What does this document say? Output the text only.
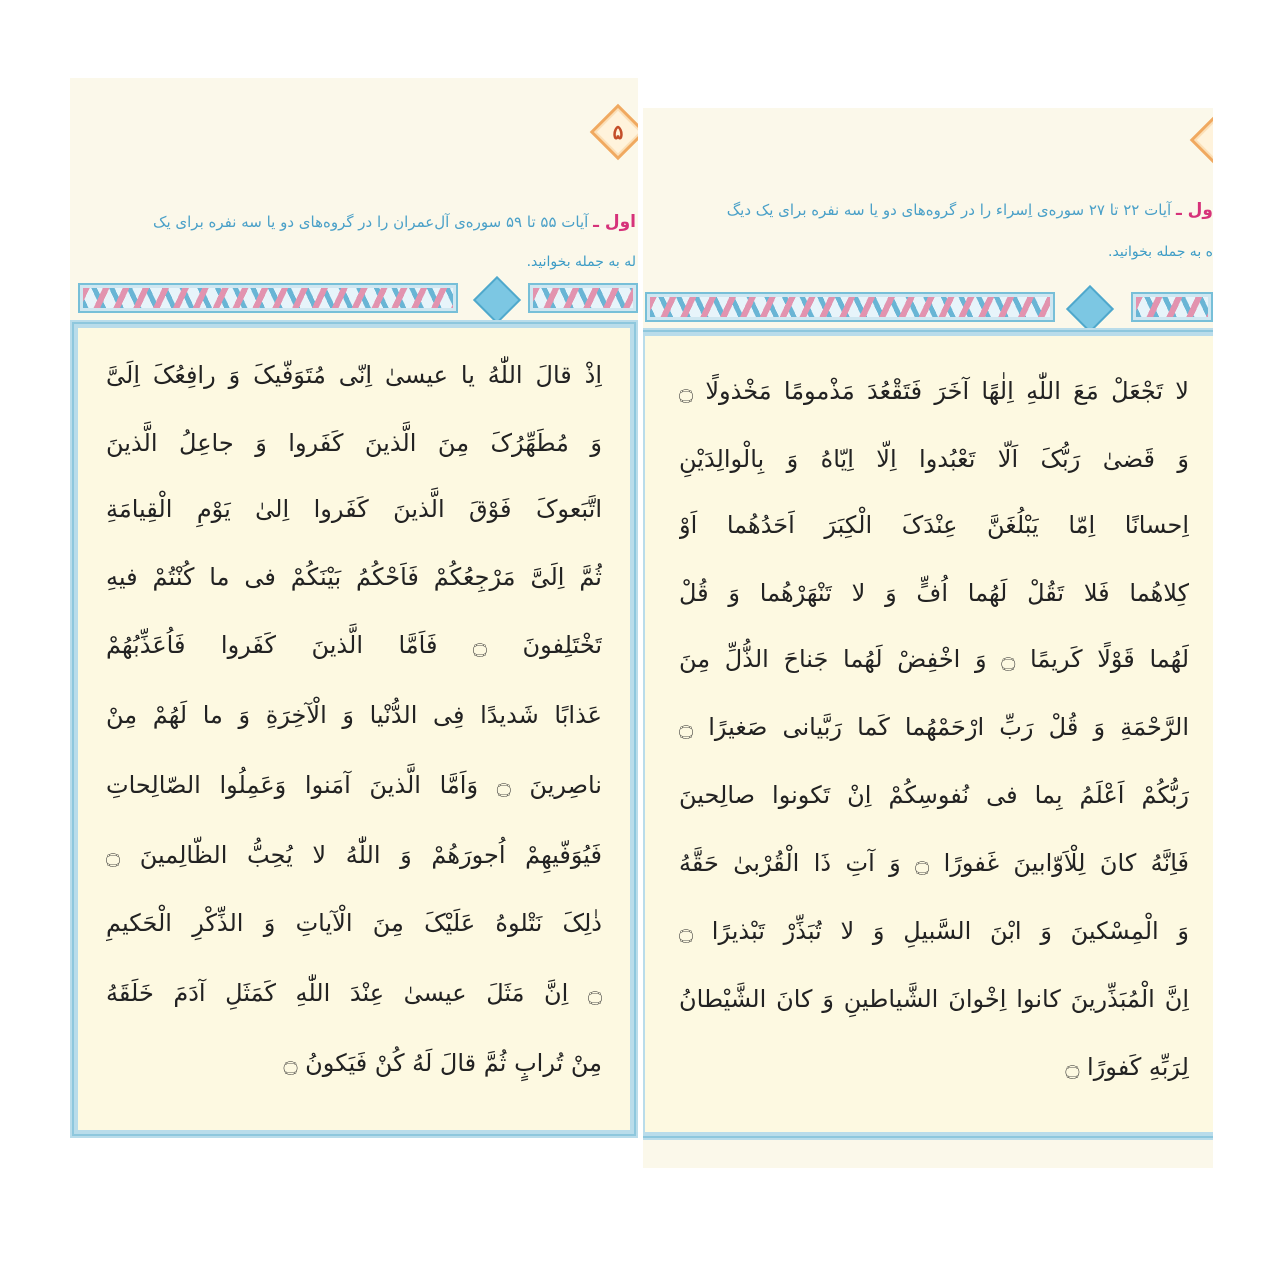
۵
اول ـ آیات ۵۵ تا ۵۹ سوره‌ی آل‌عمران را در گروه‌های دو یا سه نفره برای یک
له به جمله بخوانید.
اِذْ قالَ اللّٰهُ یا عیسیٰ اِنّی مُتَوَفّیکَ وَ رافِعُکَ اِلَیَّ
وَ مُطَهِّرُکَ مِنَ الَّذینَ کَفَروا وَ جاعِلُ الَّذینَ
اتَّبَعوکَ فَوْقَ الَّذینَ کَفَروا اِلیٰ یَوْمِ الْقِیامَةِ
ثُمَّ اِلَیَّ مَرْجِعُکُمْ فَاَحْکُمُ بَیْنَکُمْ فی ما کُنْتُمْ فیهِ
تَخْتَلِفونَ ۝ فَاَمَّا الَّذینَ کَفَروا فَاُعَذِّبُهُمْ
عَذابًا شَدیدًا فِی الدُّنْیا وَ الْآخِرَةِ وَ ما لَهُمْ مِنْ
ناصِرینَ ۝ وَاَمَّا الَّذینَ آمَنوا وَعَمِلُوا الصّالِحاتِ
فَیُوَفّیهِمْ اُجورَهُمْ وَ اللّٰهُ لا یُحِبُّ الظّالِمینَ ۝
ذٰلِکَ نَتْلوهُ عَلَیْکَ مِنَ الْآیاتِ وَ الذِّکْرِ الْحَکیمِ
۝ اِنَّ مَثَلَ عیسیٰ عِنْدَ اللّٰهِ کَمَثَلِ آدَمَ خَلَقَهُ
مِنْ تُرابٍ ثُمَّ قالَ لَهُ کُنْ فَیَکونُ ۝
ول ـ آیات ۲۲ تا ۲۷ سوره‌ی اِسراء را در گروه‌های دو یا سه نفره برای یک دیگ
ه به جمله بخوانید.
لا تَجْعَلْ مَعَ اللّٰهِ اِلٰهًا آخَرَ فَتَقْعُدَ مَذْمومًا مَخْذولًا ۝
وَ قَضیٰ رَبُّکَ اَلّا تَعْبُدوا اِلّا اِیّاهُ وَ بِالْوالِدَیْنِ
اِحسانًا اِمّا یَبْلُغَنَّ عِنْدَکَ الْکِبَرَ اَحَدُهُما اَوْ
کِلاهُما فَلا تَقُلْ لَهُما اُفٍّ وَ لا تَنْهَرْهُما وَ قُلْ
لَهُما قَوْلًا کَریمًا ۝ وَ اخْفِضْ لَهُما جَناحَ الذُّلِّ مِنَ
الرَّحْمَةِ وَ قُلْ رَبِّ ارْحَمْهُما کَما رَبَّیانی صَغیرًا ۝
رَبُّکُمْ اَعْلَمُ بِما فی نُفوسِکُمْ اِنْ تَکونوا صالِحینَ
فَاِنَّهُ کانَ لِلْاَوّابینَ غَفورًا ۝ وَ آتِ ذَا الْقُرْبیٰ حَقَّهُ
وَ الْمِسْکینَ وَ ابْنَ السَّبیلِ وَ لا تُبَذِّرْ تَبْذیرًا ۝
اِنَّ الْمُبَذِّرینَ کانوا اِخْوانَ الشَّیاطینِ وَ کانَ الشَّیْطانُ
لِرَبِّهِ کَفورًا ۝
